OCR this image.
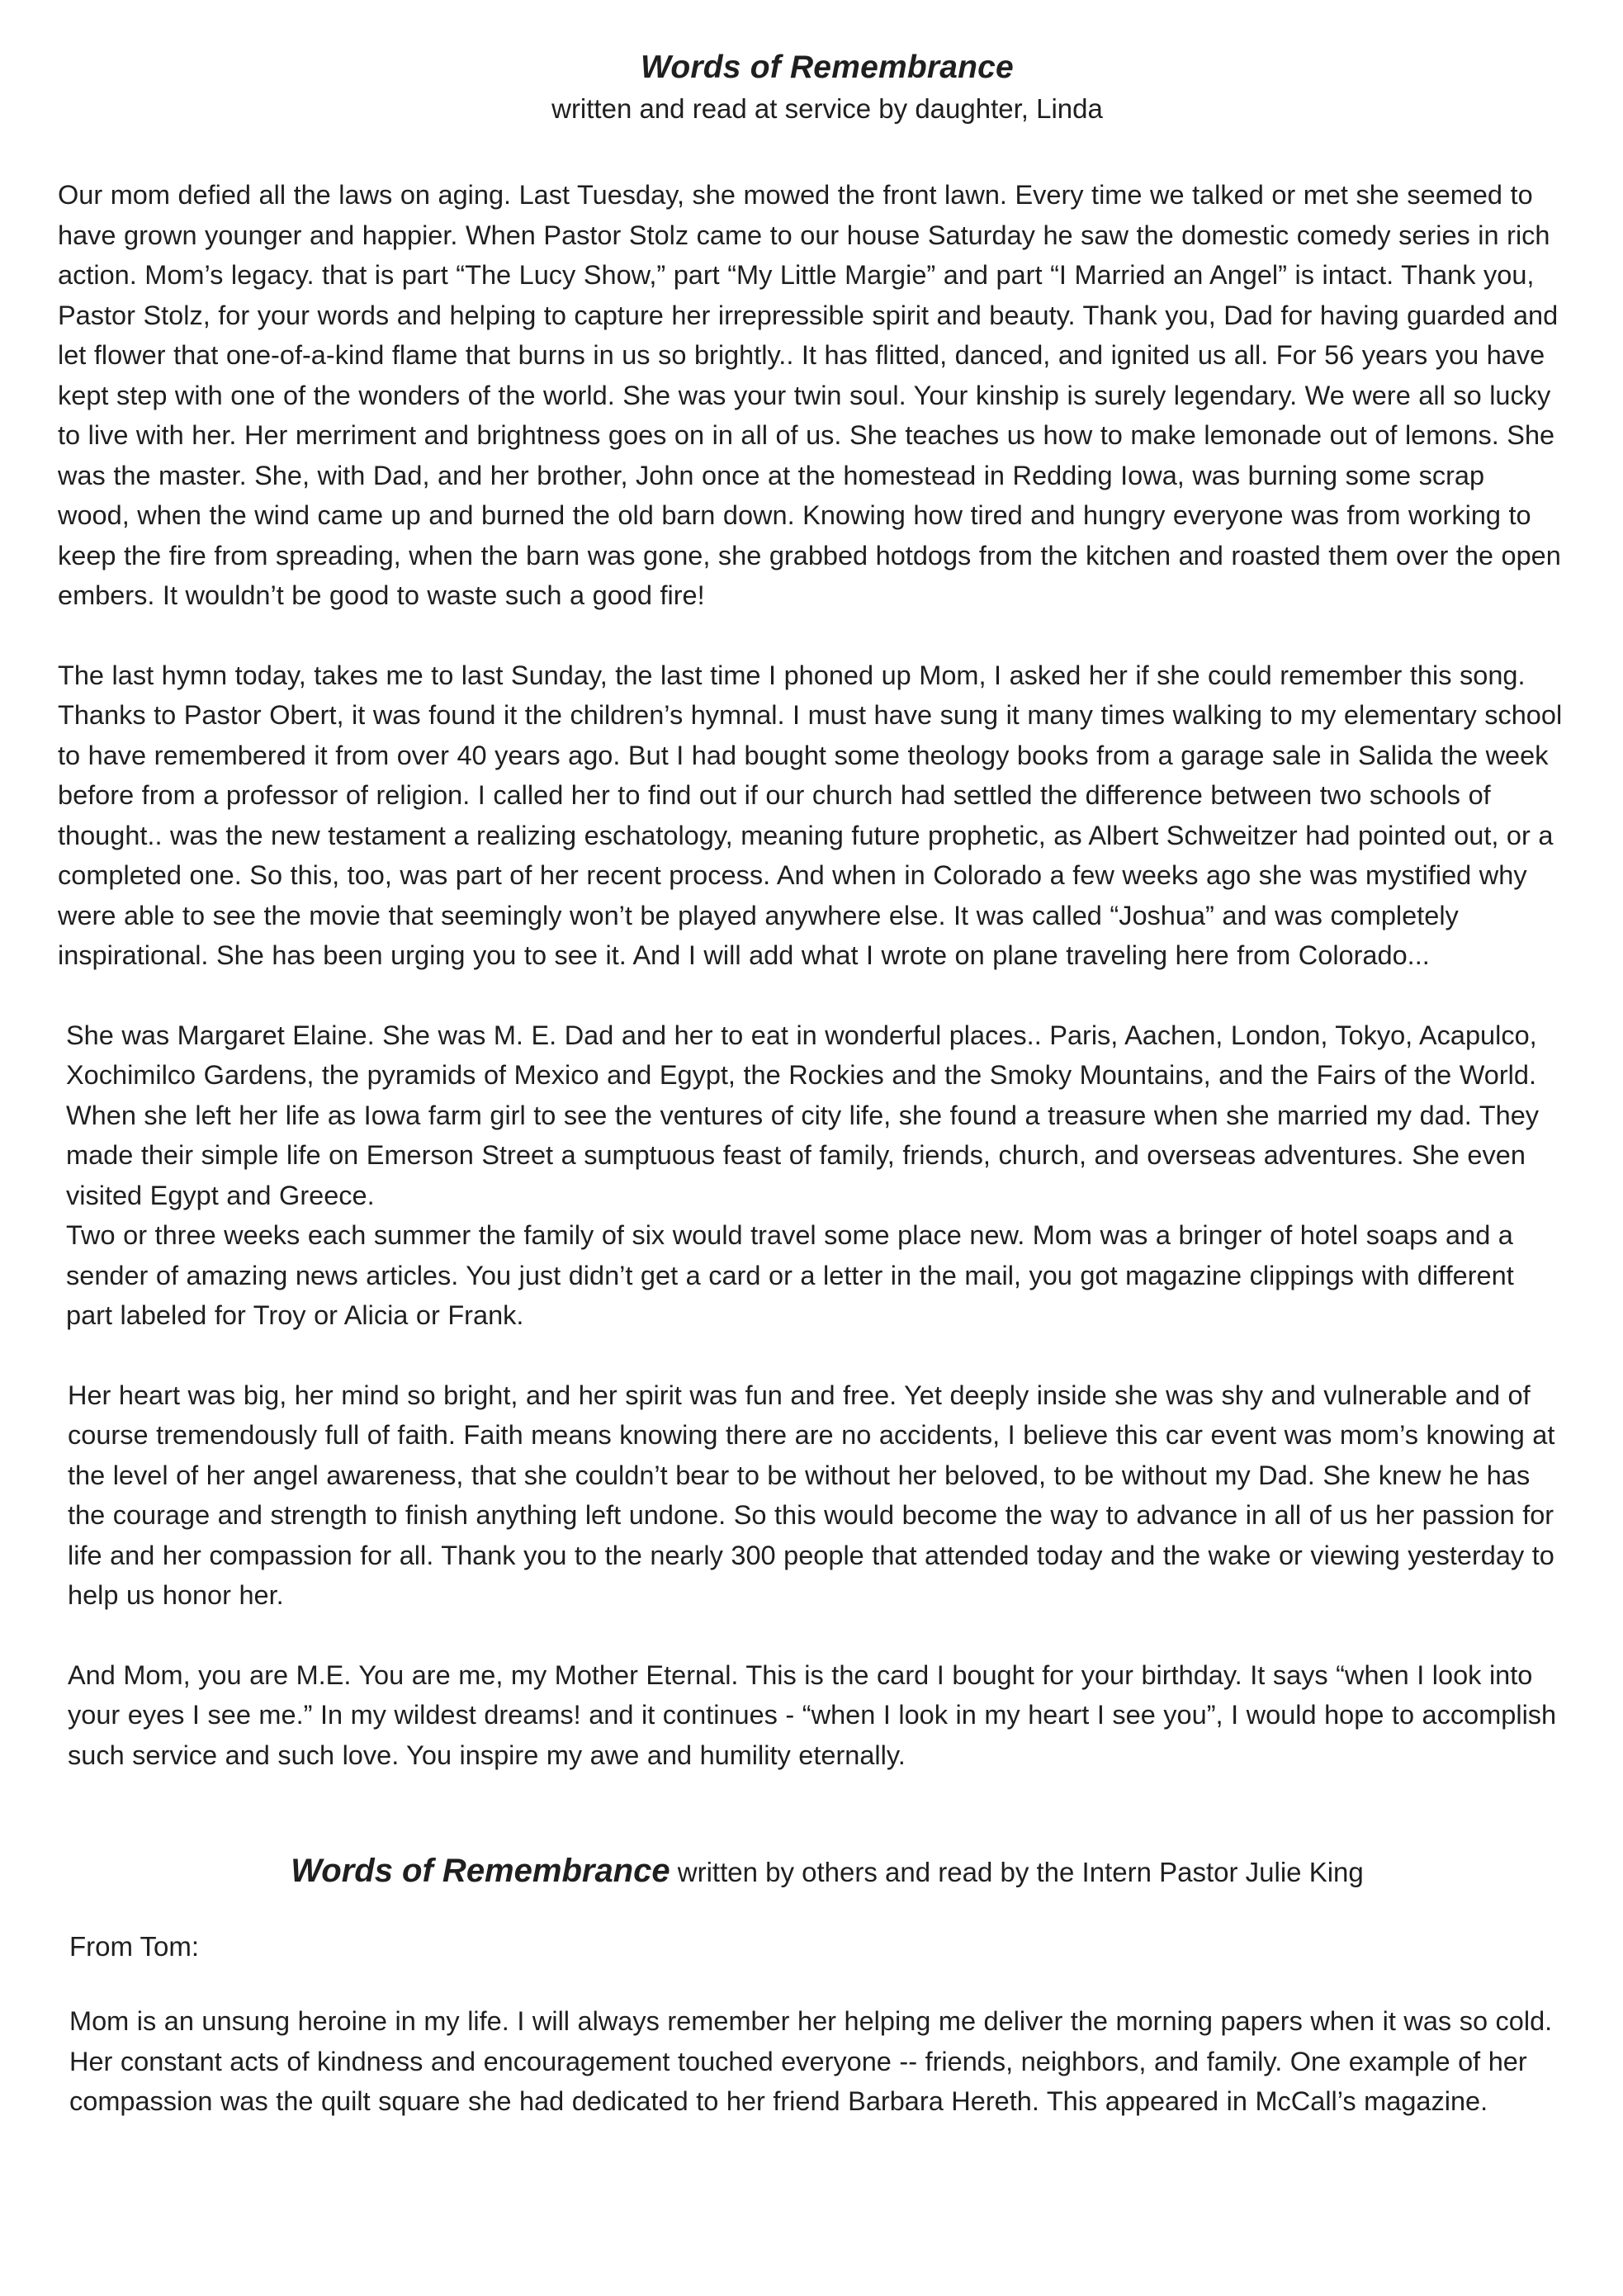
Words of Remembrance

written and read at service by daughter, Linda

Our mom defied all the laws on aging. Last Tuesday, she mowed the front lawn. Every time we talked or met she seemed to have grown younger and happier. When Pastor Stolz came to our house Saturday he saw the domestic comedy series in rich action. Mom’s legacy. that is part “The Lucy Show,” part “My Little Margie” and part “I Married an Angel” is intact. Thank you, Pastor Stolz, for your words and helping to capture her irrepressible spirit and beauty. Thank you, Dad for having guarded and let flower that one-of-a-kind flame that burns in us so brightly.. It has flitted, danced, and ignited us all. For 56 years you have kept step with one of the wonders of the world. She was your twin soul. Your kinship is surely legendary. We were all so lucky to live with her. Her merriment and brightness goes on in all of us. She teaches us how to make lemonade out of lemons. She was the master. She, with Dad, and her brother, John once at the homestead in Redding Iowa, was burning some scrap wood, when the wind came up and burned the old barn down. Knowing how tired and hungry everyone was from working to keep the fire from spreading, when the barn was gone, she grabbed hotdogs from the kitchen and roasted them over the open embers. It wouldn’t be good to waste such a good fire!

The last hymn today, takes me to last Sunday, the last time I phoned up Mom, I asked her if she could remember this song. Thanks to Pastor Obert, it was found it the children’s hymnal. I must have sung it many times walking to my elementary school to have remembered it from over 40 years ago. But I had bought some theology books from a garage sale in Salida the week before from a professor of religion. I called her to find out if our church had settled the difference between two schools of thought.. was the new testament a realizing eschatology, meaning future prophetic, as Albert Schweitzer had pointed out, or a completed one. So this, too, was part of her recent process. And when in Colorado a few weeks ago she was mystified why were able to see the movie that seemingly won’t be played anywhere else. It was called “Joshua” and was completely inspirational. She has been urging you to see it. And I will add what I wrote on plane traveling here from Colorado...

She was Margaret Elaine. She was M. E. Dad and her to eat in wonderful places.. Paris, Aachen, London, Tokyo, Acapulco, Xochimilco Gardens, the pyramids of Mexico and Egypt, the Rockies and the Smoky Mountains, and the Fairs of the World. When she left her life as Iowa farm girl to see the ventures of city life, she found a treasure when she married my dad. They made their simple life on Emerson Street a sumptuous feast of family, friends, church, and overseas adventures. She even visited Egypt and Greece.

Two or three weeks each summer the family of six would travel some place new. Mom was a bringer of hotel soaps and a sender of amazing news articles. You just didn’t get a card or a letter in the mail, you got magazine clippings with different part labeled for Troy or Alicia or Frank.

Her heart was big, her mind so bright, and her spirit was fun and free. Yet deeply inside she was shy and vulnerable and of course tremendously full of faith. Faith means knowing there are no accidents, I believe this car event was mom’s knowing at the level of her angel awareness, that she couldn’t bear to be without her beloved, to be without my Dad. She knew he has the courage and strength to finish anything left undone. So this would become the way to advance in all of us her passion for life and her compassion for all. Thank you to the nearly 300 people that attended today and the wake or viewing yesterday to help us honor her.

And Mom, you are M.E. You are me, my Mother Eternal. This is the card I bought for your birthday. It says “when I look into your eyes I see me.” In my wildest dreams! and it continues - “when I look in my heart I see you”, I would hope to accomplish such service and such love. You inspire my awe and humility eternally.

Words of Remembrance written by others and read by the Intern Pastor Julie King

From Tom:

Mom is an unsung heroine in my life. I will always remember her helping me deliver the morning papers when it was so cold. Her constant acts of kindness and encouragement touched everyone -- friends, neighbors, and family. One example of her compassion was the quilt square she had dedicated to her friend Barbara Hereth. This appeared in McCall’s magazine.
